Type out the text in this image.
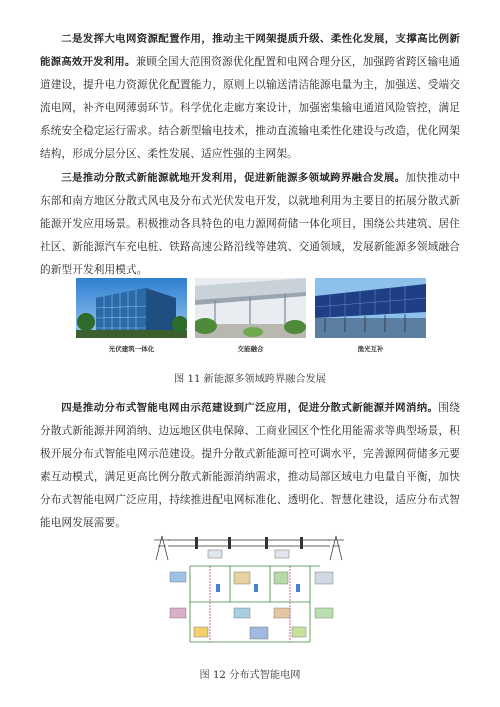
二是发挥大电网资源配置作用，推动主干网架提质升级、柔性化发展，支撑高比例新能源高效开发利用。兼顾全国大范围资源优化配置和电网合理分区，加强跨省跨区输电通道建设，提升电力资源优化配置能力，原则上以输送清洁能源电量为主，加强送、受端交流电网，补齐电网薄弱环节。科学优化走廊方案设计，加强密集输电通道风险管控，满足系统安全稳定运行需求。结合新型输电技术，推动直流输电柔性化建设与改造，优化网架结构，形成分层分区、柔性发展、适应性强的主网架。

三是推动分散式新能源就地开发利用，促进新能源多领域跨界融合发展。加快推动中东部和南方地区分散式风电及分布式光伏发电开发，以就地利用为主要目的拓展分散式新能源开发应用场景。积极推动各具特色的电力源网荷储一体化项目，围绕公共建筑、居住社区、新能源汽车充电桩、铁路高速公路沿线等建筑、交通领域，发展新能源多领域融合的新型开发利用模式。

光伏建筑一体化	交能融合	渔光互补
图 11 新能源多领域跨界融合发展

四是推动分布式智能电网由示范建设到广泛应用，促进分散式新能源并网消纳。围绕分散式新能源并网消纳、边远地区供电保障、工商业园区个性化用能需求等典型场景，积极开展分布式智能电网示范建设。提升分散式新能源可控可调水平，完善源网荷储多元要素互动模式，满足更高比例分散式新能源消纳需求，推动局部区域电力电量自平衡，加快分布式智能电网广泛应用，持续推进配电网标准化、透明化、智慧化建设，适应分布式智能电网发展需要。

图 12 分布式智能电网
